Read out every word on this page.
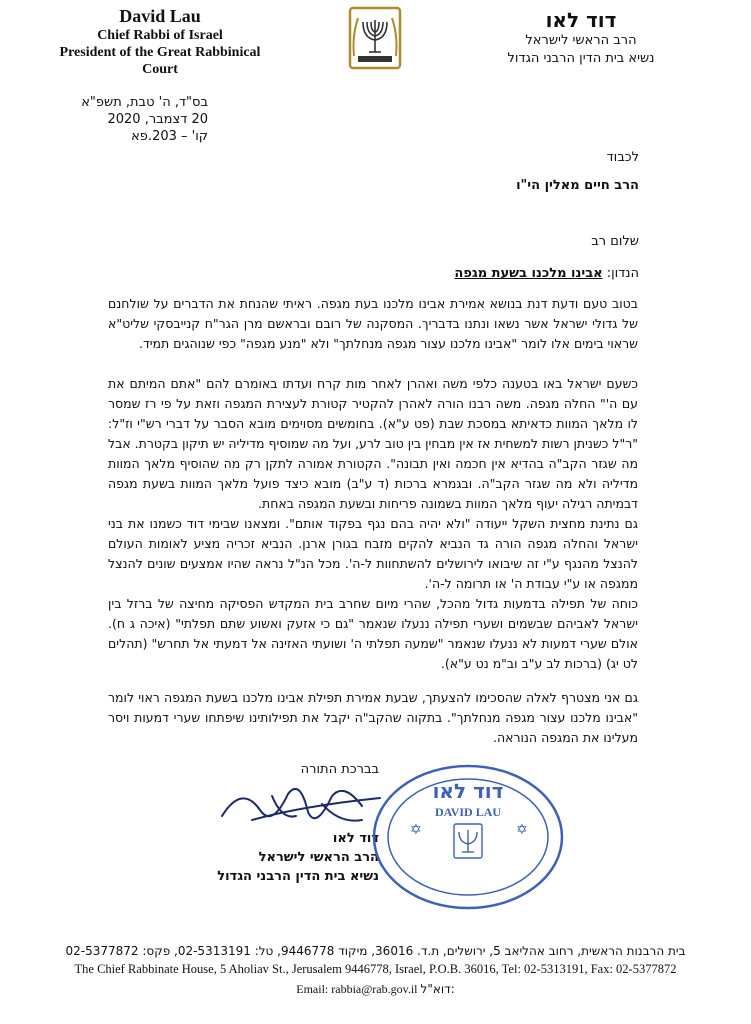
David Lau
Chief Rabbi of Israel
President of the Great Rabbinical Court
דוד לאו
הרב הראשי לישראל
נשיא בית הדין הרבני הגדול
בס"ד, ה' טבת, תשפ"א
20 דצמבר, 2020
קו' – 203.פא
לכבוד
הרב חיים מאלין הי"ו
שלום רב
הנדון: אבינו מלכנו בשעת מגפה
בטוב טעם ודעת דנת בנושא אמירת אבינו מלכנו בעת מגפה. ראיתי שהנחת את הדברים על שולחנם של גדולי ישראל אשר נשאו ונתנו בדבריך. המסקנה של רובם ובראשם מרן הגר"ח קנייבסקי שליט"א שראוי בימים אלו לומר "אבינו מלכנו עצור מגפה מנחלתך" ולא "מנע מגפה" כפי שנוהגים תמיד.
כשעם ישראל באו בטענה כלפי משה ואהרן לאחר מות קרח ועדתו באומרם להם "אתם המיתם את עם ה'" החלה מגפה. משה רבנו הורה לאהרן להקטיר קטורת לעצירת המגפה וזאת על פי רז שמסר לו מלאך המוות כדאיתא במסכת שבת (פט ע"א). בחומשים מסוימים מובא הסבר על דברי רש"י וז"ל: "ר"ל כשניתן רשות למשחית אז אין מבחין בין טוב לרע, ועל מה שמוסיף מדיליה יש תיקון בקטרת. אבל מה שגזר הקב"ה בהדיא אין חכמה ואין תבונה". הקטורת אמורה לתקן רק מה שהוסיף מלאך המוות מדיליה ולא מה שגזר הקב"ה. ובגמרא ברכות (ד ע"ב) מובא כיצד פועל מלאך המוות בשעת מגפה דבמיתה רגילה יעוף מלאך המוות בשמונה פריחות ובשעת המגפה באחת.
גם נתינת מחצית השקל ייעודה "ולא יהיה בהם נגף בפקוד אותם". ומצאנו שבימי דוד כשמנו את בני ישראל והחלה מגפה הורה גד הנביא להקים מזבח בגורן ארנן. הנביא זכריה מציע לאומות העולם להנצל מהנגף ע"י זה שיבואו לירושלים להשתחוות ל-ה'. מכל הנ"ל נראה שהיו אמצעים שונים להנצל ממגפה או ע"י עבודת ה' או תרומה ל-ה'.
כוחה של תפילה בדמעות גדול מהכל, שהרי מיום שחרב בית המקדש הפסיקה מחיצה של ברזל בין ישראל לאביהם שבשמים ושערי תפילה ננעלו שנאמר "גם כי אזעק ואשוע שתם תפלתי" (איכה ג ח). אולם שערי דמעות לא ננעלו שנאמר "שמעה תפלתי ה' ושועתי האזינה אל דמעתי אל תחרש" (תהלים לט יג) (ברכות לב ע"ב וב"מ נט ע"א).
גם אני מצטרף לאלה שהסכימו להצעתך, שבעת אמירת תפילת אבינו מלכנו בשעת המגפה ראוי לומר "אבינו מלכנו עצור מגפה מנחלתך". בתקוה שהקב"ה יקבל את תפילותינו שיפתחו שערי דמעות ויסר מעלינו את המגפה הנוראה.
בברכת התורה
דוד לאו
הרב הראשי לישראל
נשיא בית הדין הרבני הגדול
דוד לאו
DAVID LAU
✡	✡
בית הרבנות הראשית, רחוב אהליאב 5, ירושלים, ת.ד. 36016, מיקוד 9446778, טל: 02-5313191, פקס: 02-5377872
The Chief Rabbinate House, 5 Aholiav St., Jerusalem 9446778, Israel, P.O.B. 36016, Tel: 02-5313191, Fax: 02-5377872
Email: rabbia@rab.gov.il דוא"ל:
